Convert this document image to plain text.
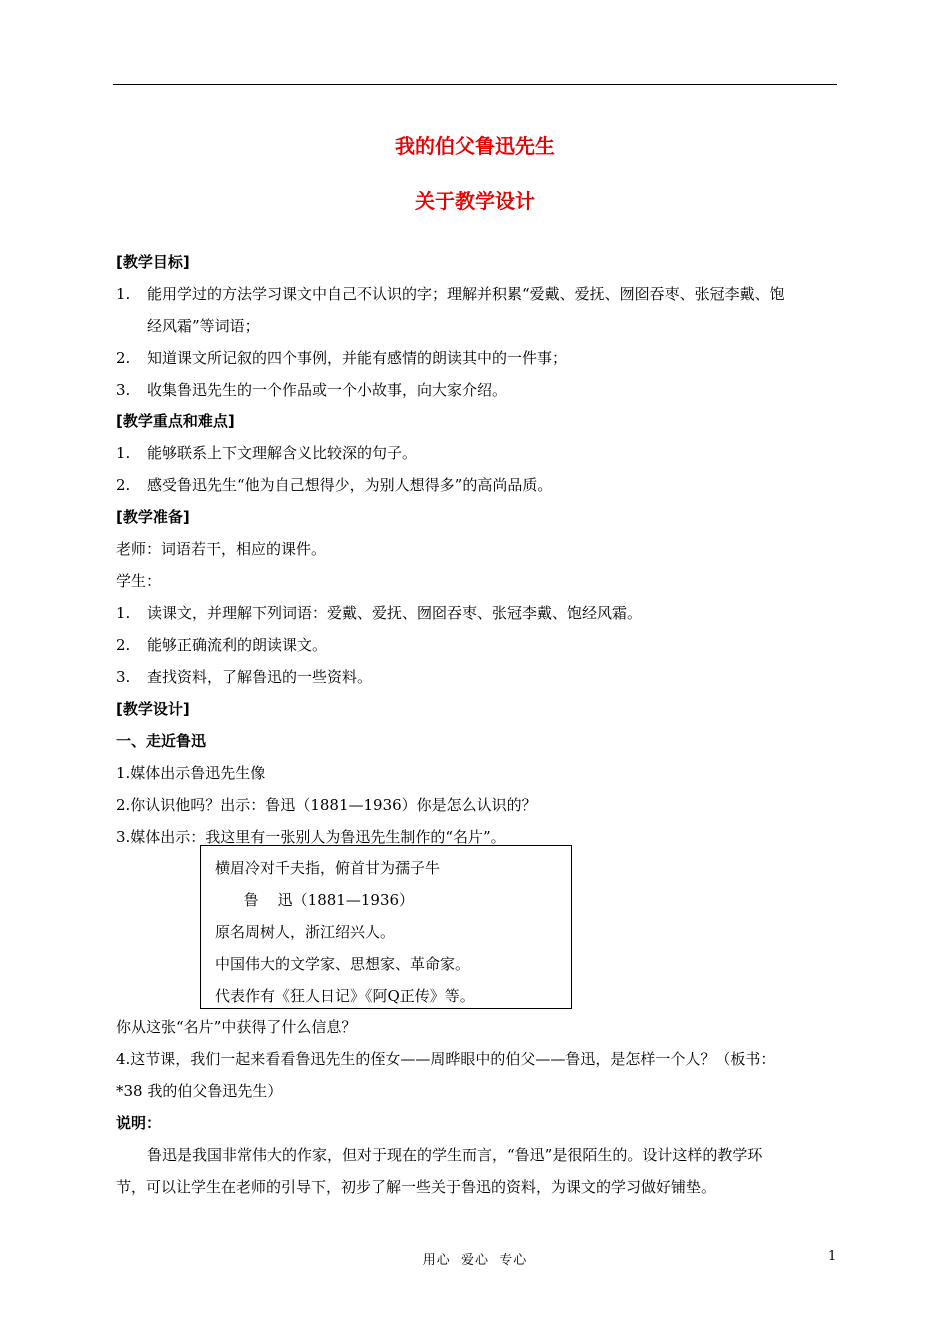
我的伯父鲁迅先生
关于教学设计
[教学目标]
1. 能用学过的方法学习课文中自己不认识的字；理解并积累“爱戴、爱抚、囫囵吞枣、张冠李戴、饱
经风霜”等词语；
2. 知道课文所记叙的四个事例，并能有感情的朗读其中的一件事；
3. 收集鲁迅先生的一个作品或一个小故事，向大家介绍。
[教学重点和难点]
1. 能够联系上下文理解含义比较深的句子。
2. 感受鲁迅先生“他为自己想得少，为别人想得多”的高尚品质。
[教学准备]
老师：词语若干，相应的课件。
学生：
1. 读课文，并理解下列词语：爱戴、爱抚、囫囵吞枣、张冠李戴、饱经风霜。
2. 能够正确流利的朗读课文。
3. 查找资料，了解鲁迅的一些资料。
[教学设计]
一、走近鲁迅
1.媒体出示鲁迅先生像
2.你认识他吗？出示：鲁迅（1881—1936）你是怎么认识的？
3.媒体出示：我这里有一张别人为鲁迅先生制作的“名片”。
横眉冷对千夫指，俯首甘为孺子牛
鲁    迅（1881—1936）
原名周树人，浙江绍兴人。
中国伟大的文学家、思想家、革命家。
代表作有《狂人日记》《阿Q正传》等。
你从这张“名片”中获得了什么信息？
4.这节课，我们一起来看看鲁迅先生的侄女——周晔眼中的伯父——鲁迅，是怎样一个人？（板书：
*38 我的伯父鲁迅先生）
说明：
鲁迅是我国非常伟大的作家，但对于现在的学生而言，“鲁迅”是很陌生的。设计这样的教学环
节，可以让学生在老师的引导下，初步了解一些关于鲁迅的资料，为课文的学习做好铺垫。
用心  爱心  专心	1
